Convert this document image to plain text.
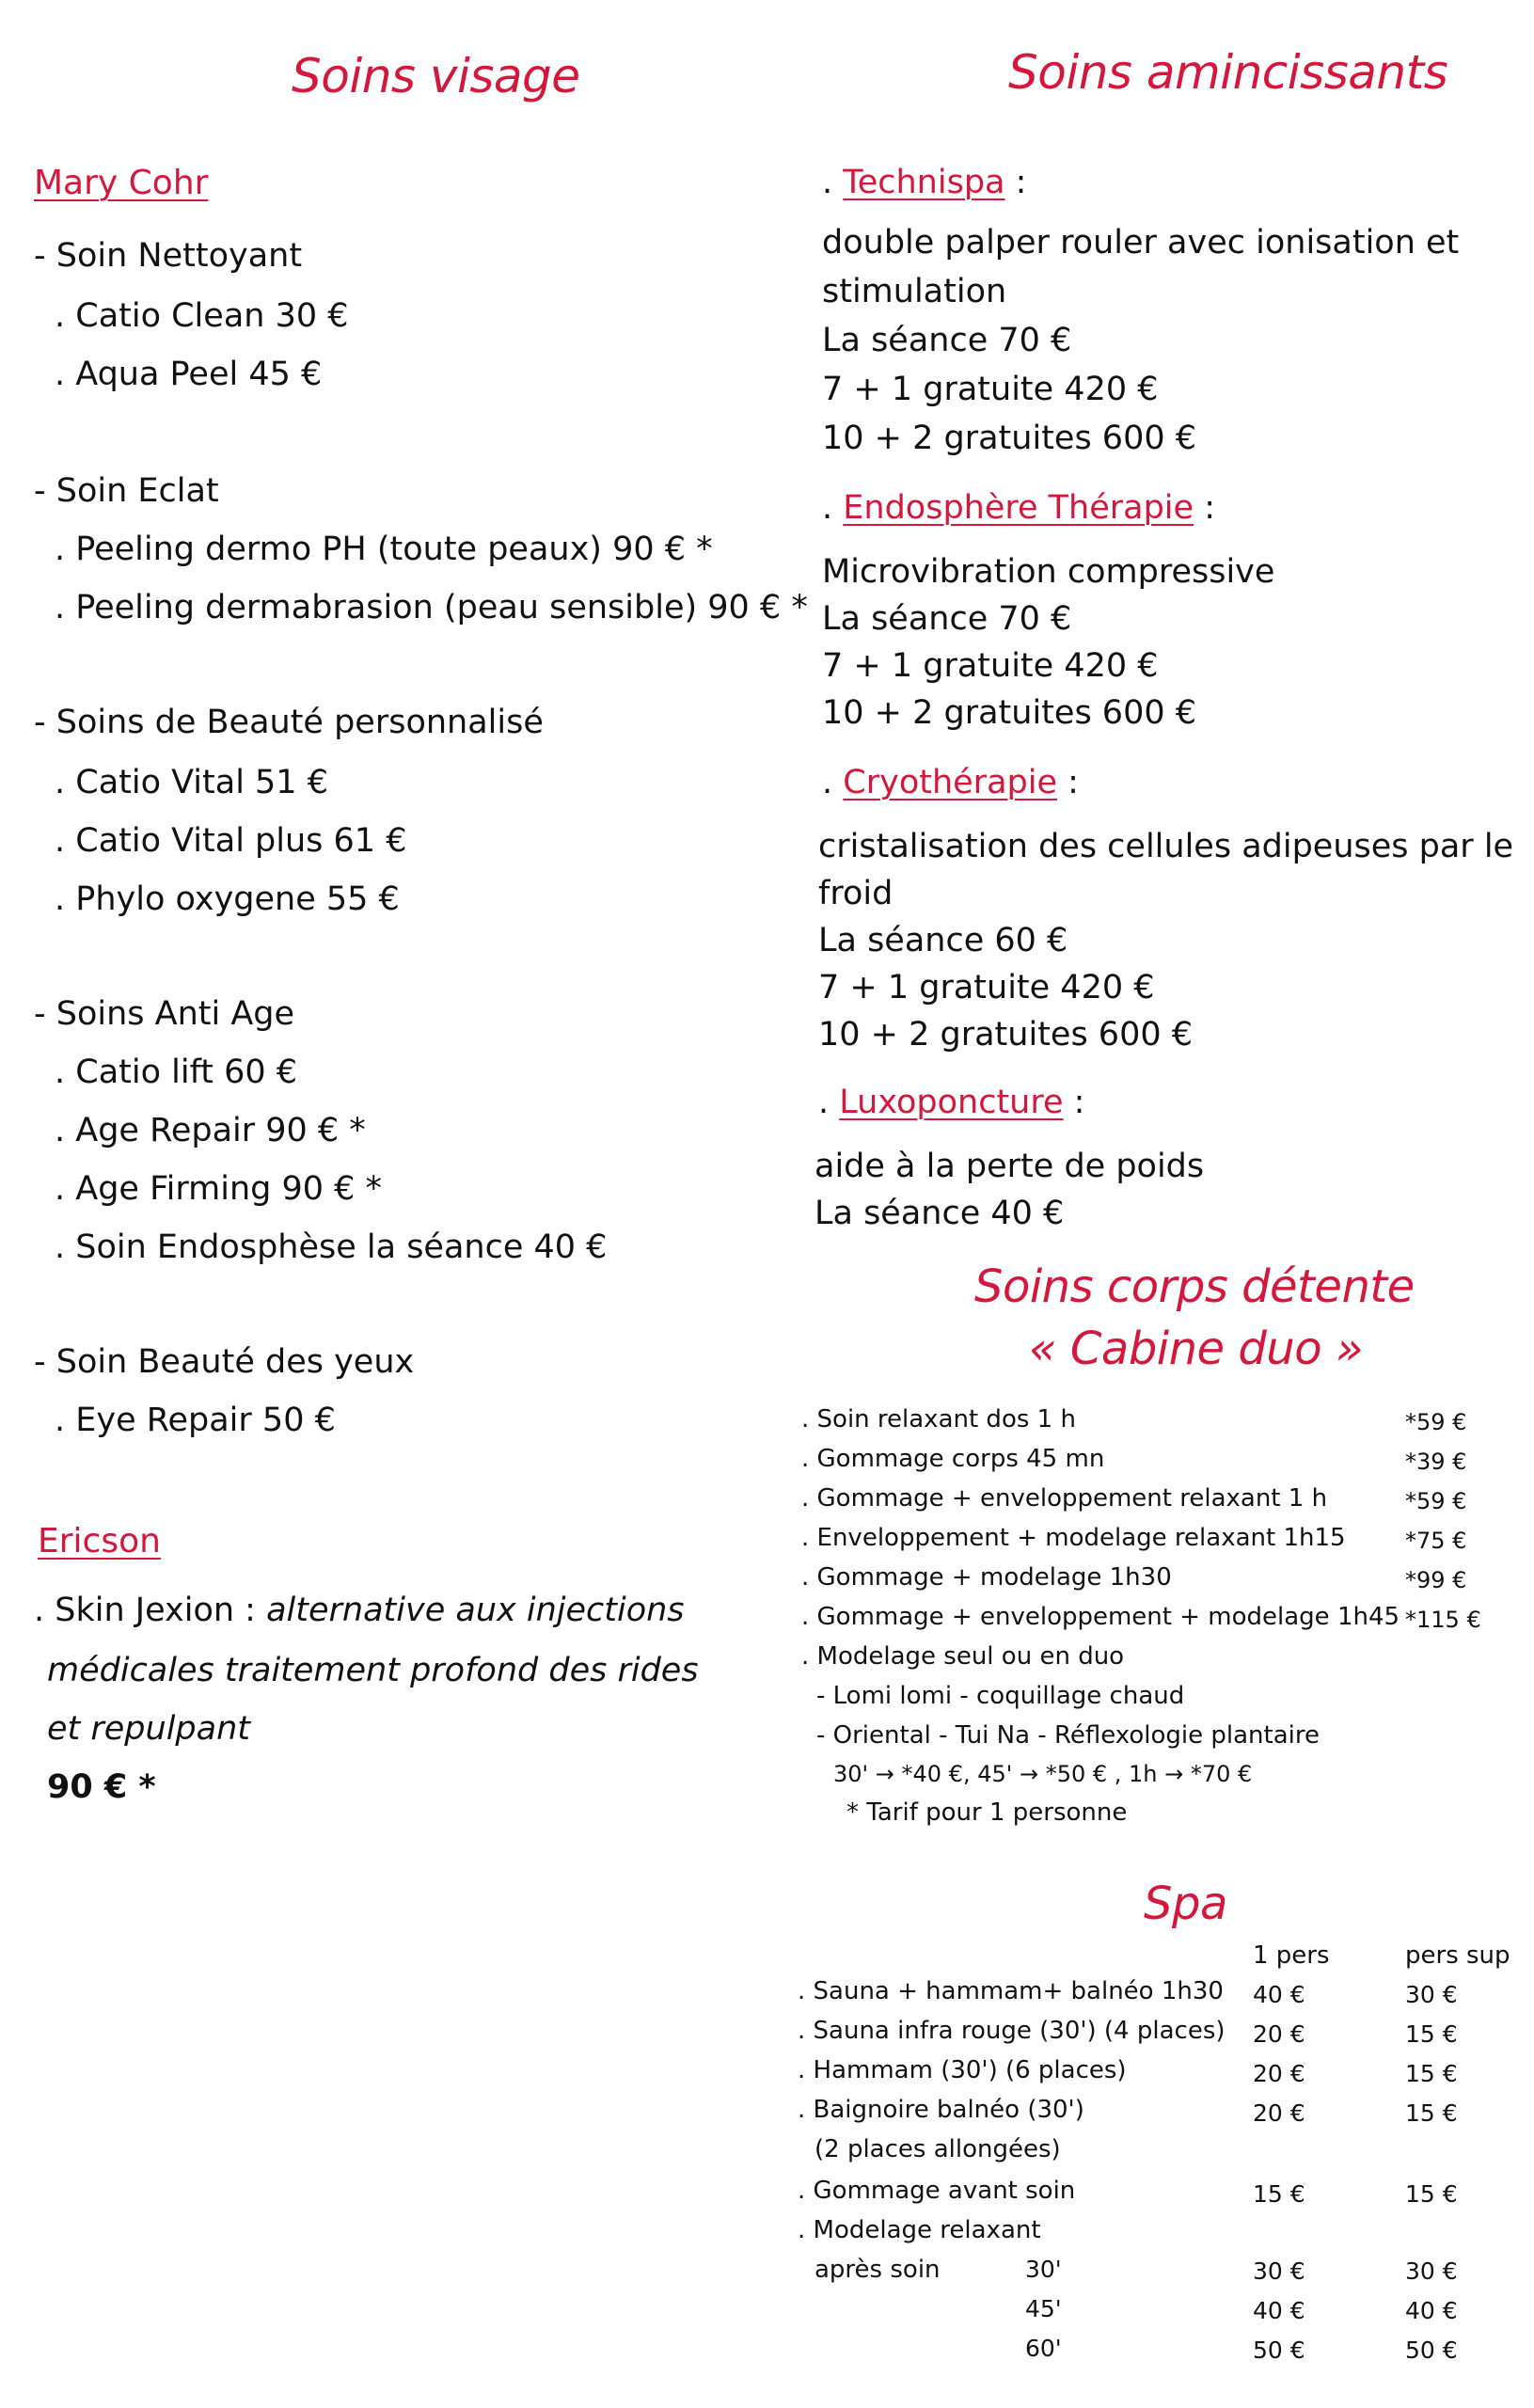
Soins visage
Mary Cohr
- Soin Nettoyant
. Catio Clean 30 €
. Aqua Peel 45 €
- Soin Eclat
. Peeling dermo PH (toute peaux) 90 € *
. Peeling dermabrasion (peau sensible) 90 € *
- Soins de Beauté personnalisé
. Catio Vital 51 €
. Catio Vital plus 61 €
. Phylo oxygene 55 €
- Soins Anti Age
. Catio lift 60 €
. Age Repair 90 € *
. Age Firming 90 € *
. Soin Endosphèse la séance 40 €
- Soin Beauté des yeux
. Eye Repair 50 €
Ericson
. Skin Jexion : alternative aux injections
médicales traitement profond des rides
et repulpant
90 € *
Soins amincissants
. Technispa :
double palper rouler avec ionisation et
stimulation
La séance 70 €
7 + 1 gratuite 420 €
10 + 2 gratuites 600 €
. Endosphère Thérapie :
Microvibration compressive
La séance 70 €
7 + 1 gratuite 420 €
10 + 2 gratuites 600 €
. Cryothérapie :
cristalisation des cellules adipeuses par le
froid
La séance 60 €
7 + 1 gratuite 420 €
10 + 2 gratuites 600 €
. Luxoponcture :
aide à la perte de poids
La séance 40 €
Soins corps détente
« Cabine duo »
. Soin relaxant dos 1 h	*59 €
. Gommage corps 45 mn	*39 €
. Gommage + enveloppement relaxant 1 h	*59 €
. Enveloppement + modelage relaxant 1h15	*75 €
. Gommage + modelage 1h30	*99 €
. Gommage + enveloppement + modelage 1h45 *115 €
. Modelage seul ou en duo
- Lomi lomi - coquillage chaud
- Oriental - Tui Na - Réflexologie plantaire
30' → *40 €, 45' → *50 € , 1h → *70 €
* Tarif pour 1 personne
Spa
1 pers	pers sup
. Sauna + hammam+ balnéo 1h30 40 €	30 €
. Sauna infra rouge (30') (4 places) 20 €	15 €
. Hammam (30') (6 places)	20 €	15 €
. Baignoire balnéo (30')	20 €	15 €
(2 places allongées)
. Gommage avant soin	15 €	15 €
. Modelage relaxant
après soin	30'	30 €	30 €
45'	40 €	40 €
60'	50 €	50 €
